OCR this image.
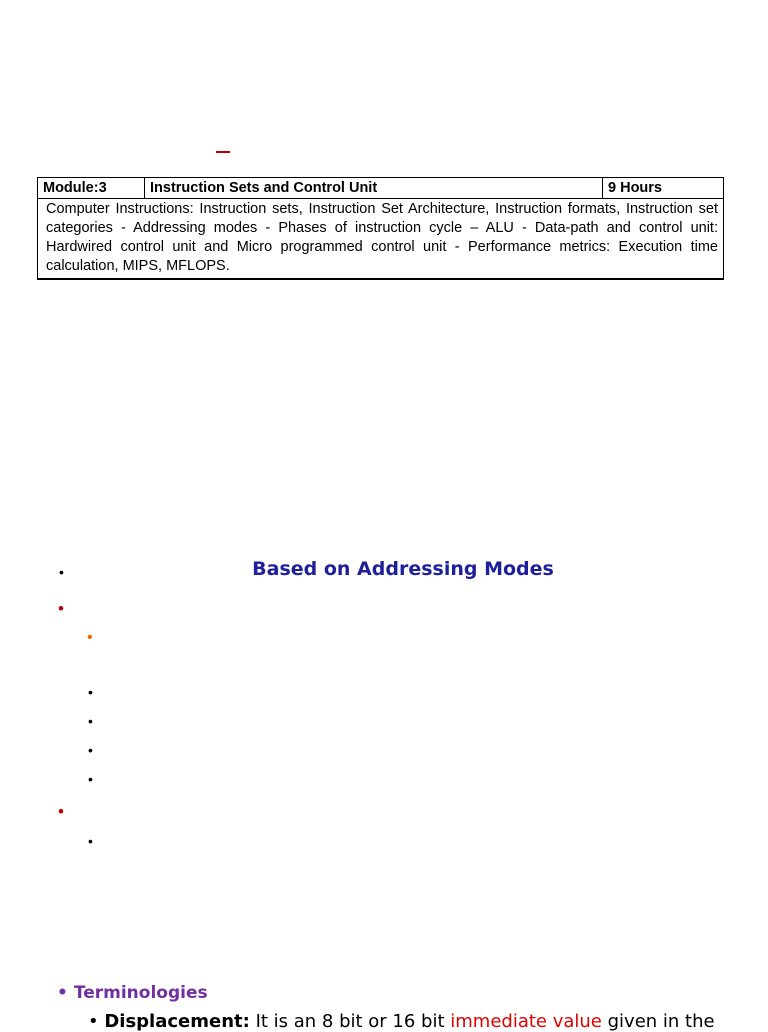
Module:3	Instruction Sets and Control Unit	9 Hours
Computer Instructions: Instruction sets, Instruction Set Architecture, Instruction formats, Instruction set categories - Addressing modes - Phases of instruction cycle – ALU - Data-path and control unit: Hardwired control unit and Micro programmed control unit - Performance metrics: Execution time calculation, MIPS, MFLOPS.
•	Based on Addressing Modes
•
•
•
•
•
•
•
•
• Terminologies
• Displacement: It is an 8 bit or 16 bit immediate value given in the
